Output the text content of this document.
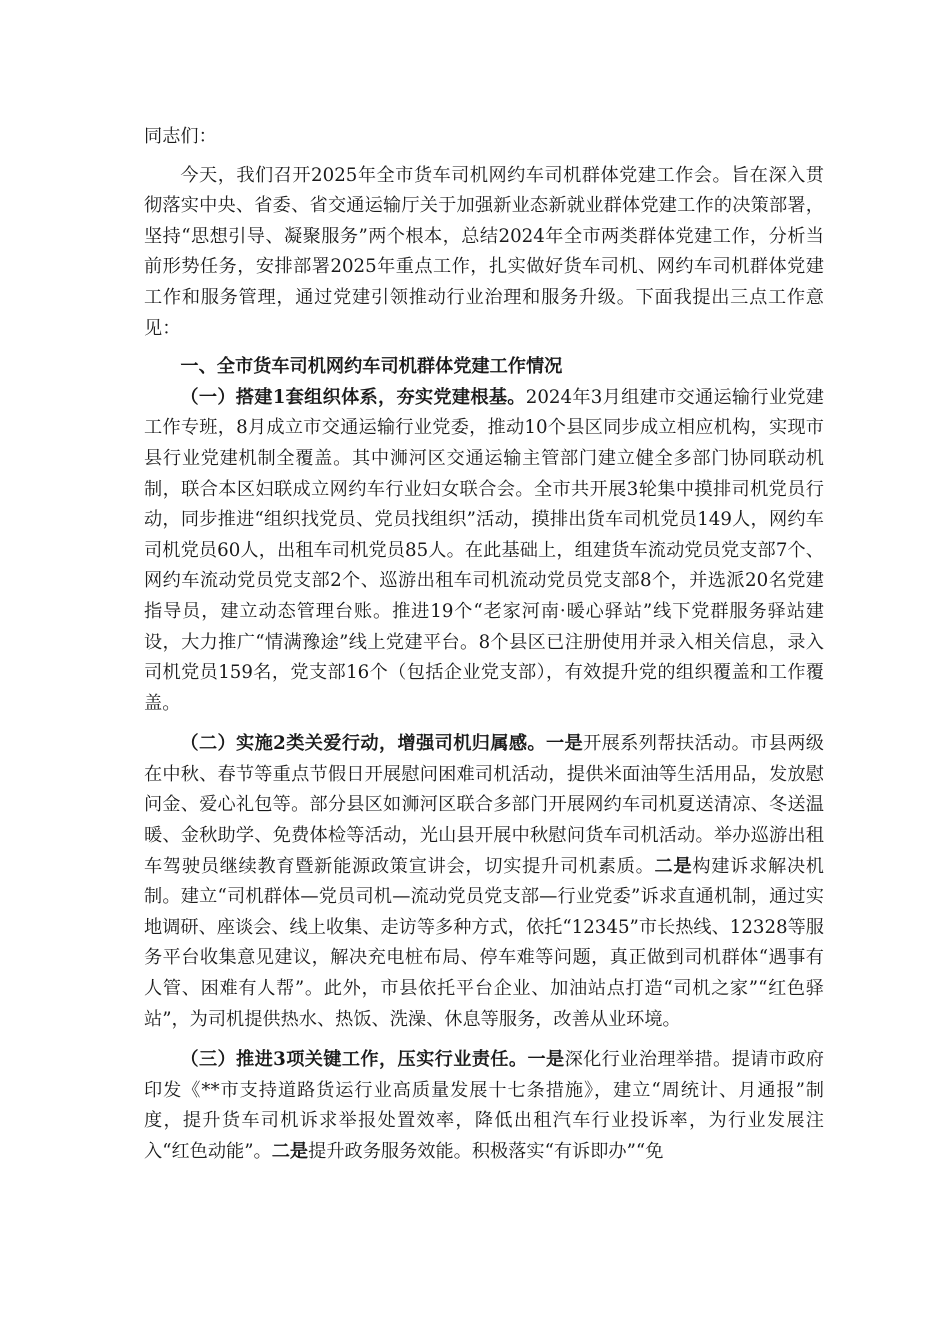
同志们：

今天，我们召开2025年全市货车司机网约车司机群体党建工作会。旨在深入贯彻落实中央、省委、省交通运输厅关于加强新业态新就业群体党建工作的决策部署，坚持“思想引导、凝聚服务”两个根本，总结2024年全市两类群体党建工作，分析当前形势任务，安排部署2025年重点工作，扎实做好货车司机、网约车司机群体党建工作和服务管理，通过党建引领推动行业治理和服务升级。下面我提出三点工作意见：

一、全市货车司机网约车司机群体党建工作情况

（一）搭建1套组织体系，夯实党建根基。2024年3月组建市交通运输行业党建工作专班，8月成立市交通运输行业党委，推动10个县区同步成立相应机构，实现市县行业党建机制全覆盖。其中浉河区交通运输主管部门建立健全多部门协同联动机制，联合本区妇联成立网约车行业妇女联合会。全市共开展3轮集中摸排司机党员行动，同步推进“组织找党员、党员找组织”活动，摸排出货车司机党员149人，网约车司机党员60人，出租车司机党员85人。在此基础上，组建货车流动党员党支部7个、网约车流动党员党支部2个、巡游出租车司机流动党员党支部8个，并选派20名党建指导员，建立动态管理台账。推进19个“老家河南·暖心驿站”线下党群服务驿站建设，大力推广“情满豫途”线上党建平台。8个县区已注册使用并录入相关信息，录入司机党员159名，党支部16个（包括企业党支部），有效提升党的组织覆盖和工作覆盖。

（二）实施2类关爱行动，增强司机归属感。一是开展系列帮扶活动。市县两级在中秋、春节等重点节假日开展慰问困难司机活动，提供米面油等生活用品，发放慰问金、爱心礼包等。部分县区如浉河区联合多部门开展网约车司机夏送清凉、冬送温暖、金秋助学、免费体检等活动，光山县开展中秋慰问货车司机活动。举办巡游出租车驾驶员继续教育暨新能源政策宣讲会，切实提升司机素质。二是构建诉求解决机制。建立“司机群体—党员司机—流动党员党支部—行业党委”诉求直通机制，通过实地调研、座谈会、线上收集、走访等多种方式，依托“12345”市长热线、12328等服务平台收集意见建议，解决充电桩布局、停车难等问题，真正做到司机群体“遇事有人管、困难有人帮”。此外，市县依托平台企业、加油站点打造“司机之家”“红色驿站”，为司机提供热水、热饭、洗澡、休息等服务，改善从业环境。

（三）推进3项关键工作，压实行业责任。一是深化行业治理举措。提请市政府印发《**市支持道路货运行业高质量发展十七条措施》，建立“周统计、月通报”制度，提升货车司机诉求举报处置效率，降低出租汽车行业投诉率，为行业发展注入“红色动能”。二是提升政务服务效能。积极落实“有诉即办”“免
